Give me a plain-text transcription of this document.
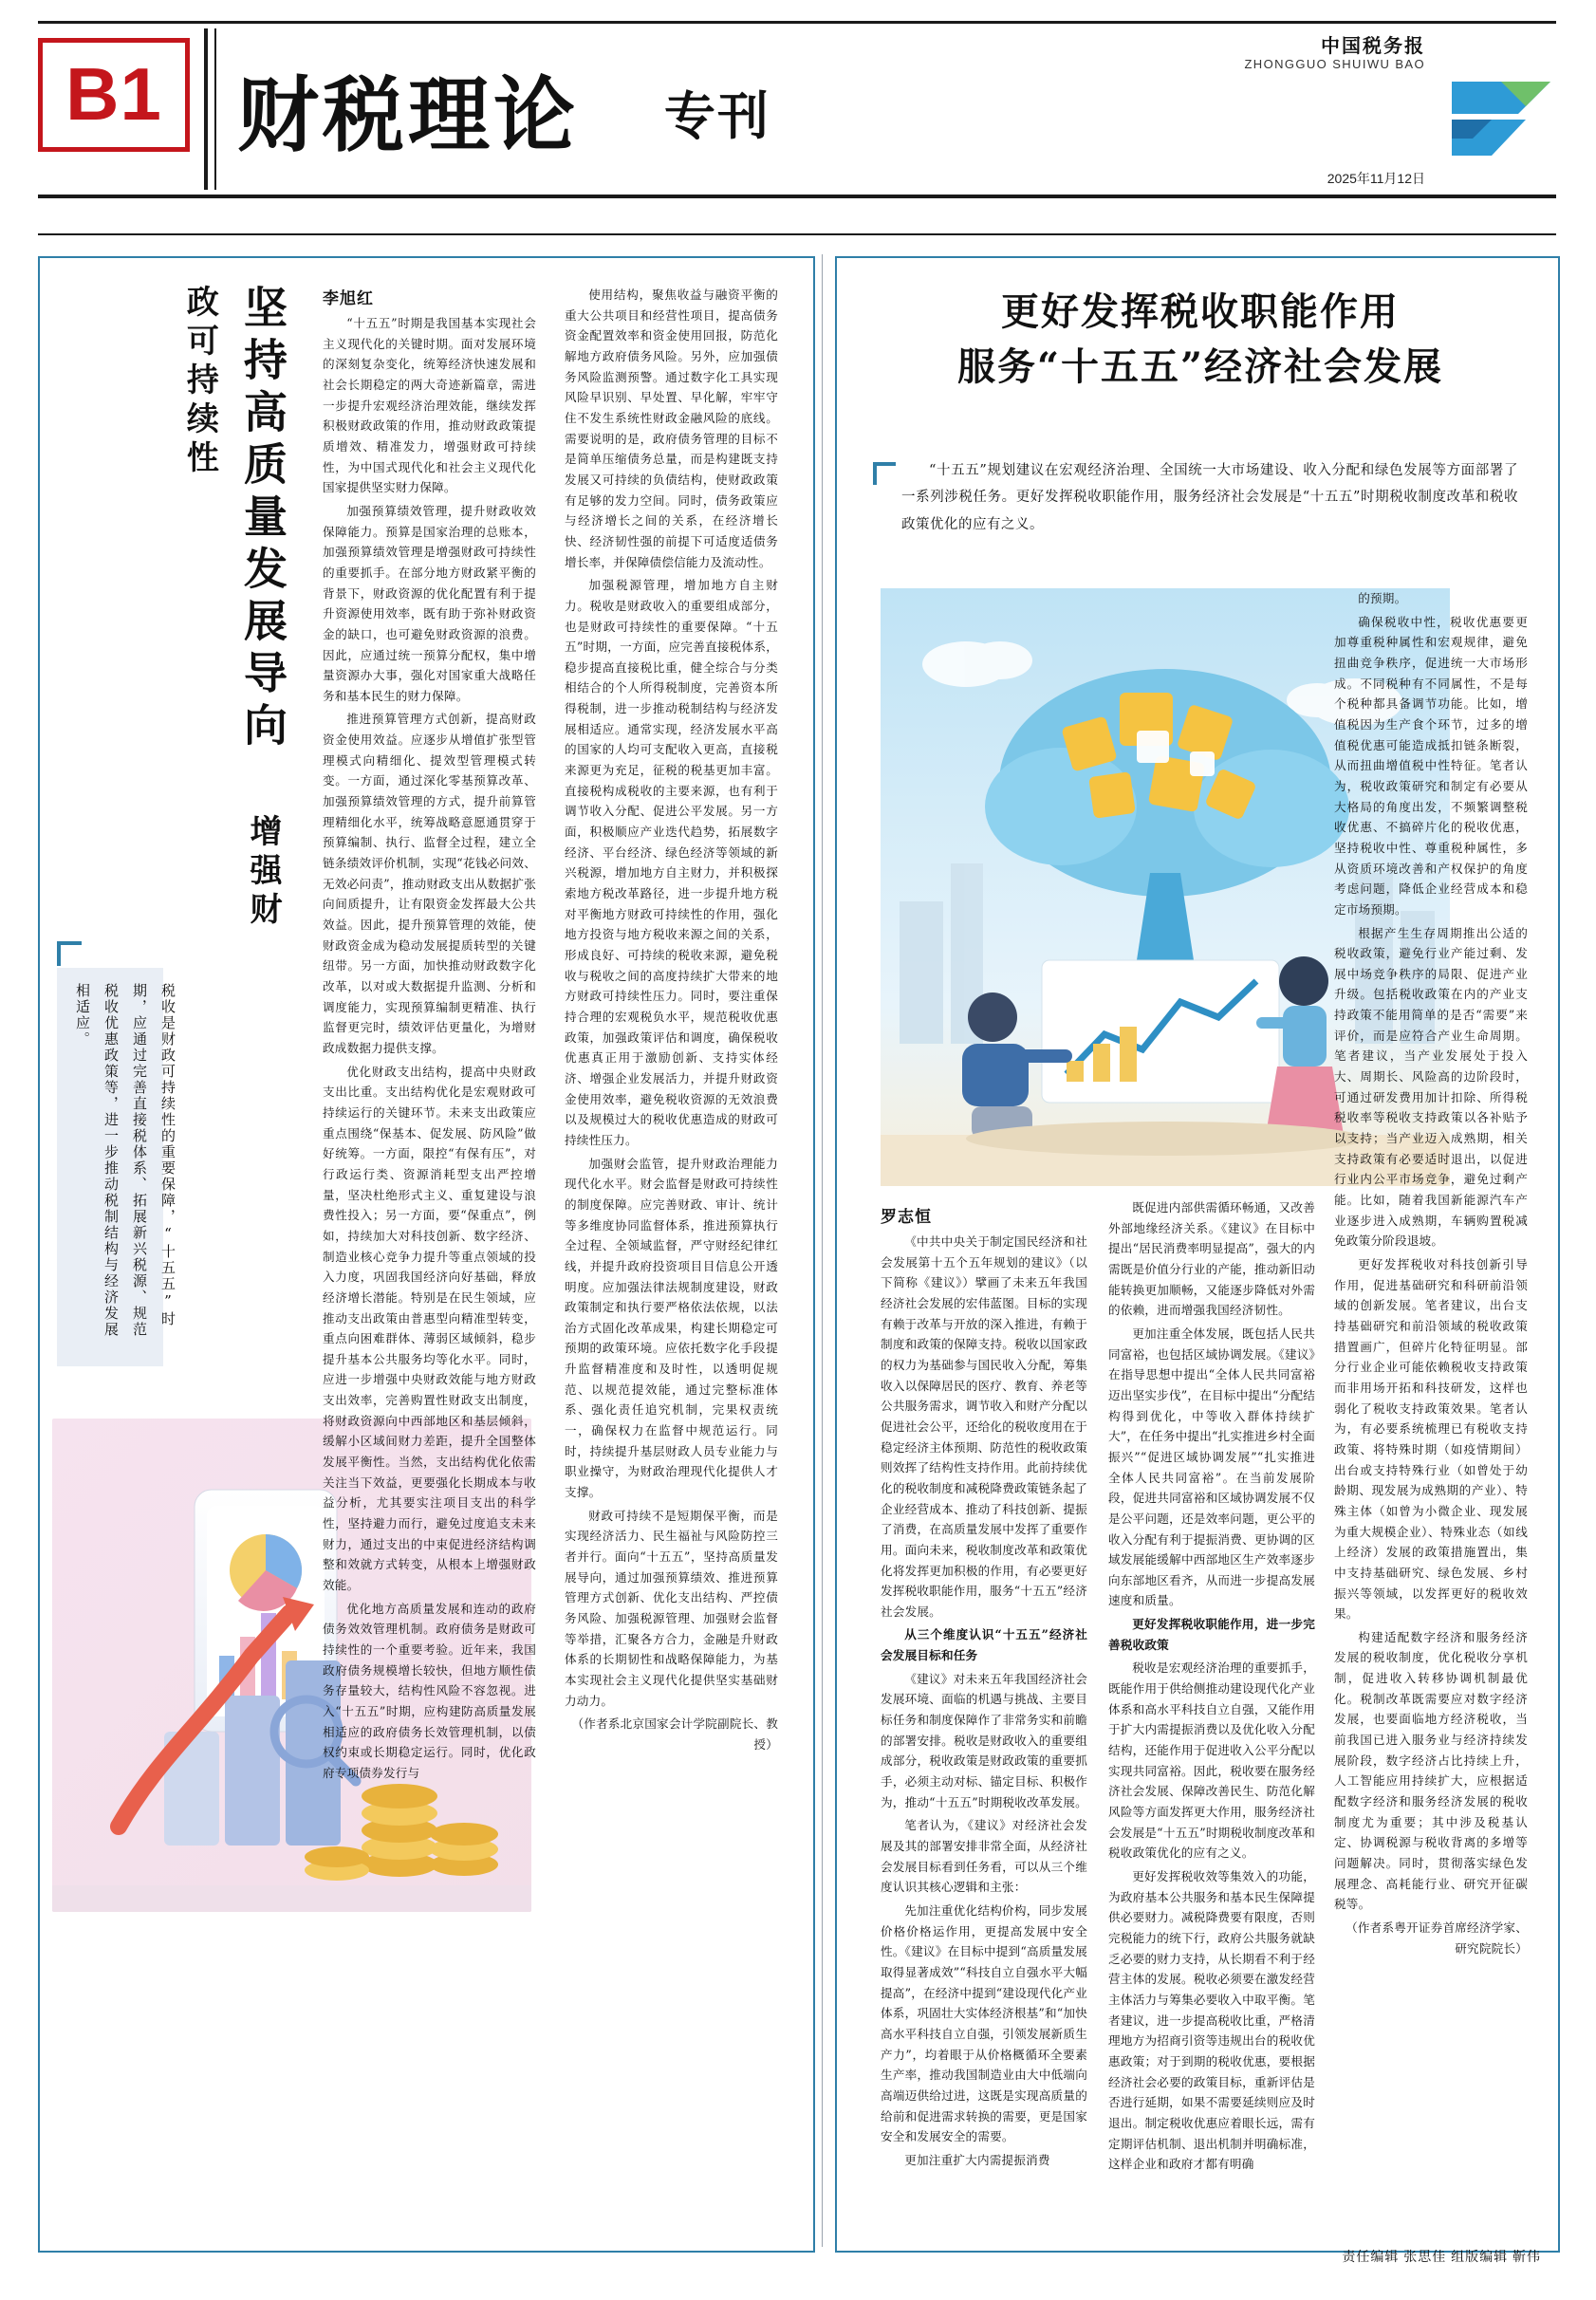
B1 财税理论 专刊
中国税务报
ZHONGGUO SHUIWU BAO
2025年11月12日
坚持高质量发展导向 增强财政可持续性
税收是财政可持续性的重要保障，“十五五”时期，应通过完善直接税体系、拓展新兴税源、规范税收优惠政策等，进一步推动税制结构与经济发展相适应。
李旭红

“十五五”时期是我国基本实现社会主义现代化的关键时期。面对发展环境的深刻复杂变化，统筹经济快速发展和社会长期稳定的两大奇迹新篇章，需进一步提升宏观经济治理效能，继续发挥积极财政政策的作用，推动财政政策提质增效、精准发力，增强财政可持续性，为中国式现代化和社会主义现代化国家提供坚实财力保障。

加强预算绩效管理，提升财政收效保障能力。预算是国家治理的总账本，加强预算绩效管理是增强财政可持续性的重要抓手。在部分地方财政紧平衡的背景下，财政资源的优化配置有利于提升资源使用效率，既有助于弥补财政资金的缺口，也可避免财政资源的浪费。因此，应通过统一预算分配权，集中增量资源办大事，强化对国家重大战略任务和基本民生的财力保障。

推进预算管理方式创新，提高财政资金使用效益。应逐步从增值扩张型管理模式向精细化、提效型管理模式转变。一方面，通过深化零基预算改革、加强预算绩效管理的方式，提升前算管理精细化水平，统筹战略意愿通贯穿于预算编制、执行、监督全过程，建立全链条绩效评价机制，实现“花钱必问效、无效必问责”，推动财政支出从数据扩张向间质提升，让有限资金发挥最大公共效益。因此，提升预算管理的效能，使财政资金成为稳动发展提质转型的关键纽带。另一方面，加快推动财政数字化改革，以对或大数据提升监测、分析和调度能力，实现预算编制更精准、执行监督更完时，绩效评估更量化，为增财政成数据力提供支撑。

优化财政支出结构，提高中央财政支出比重。支出结构优化是宏观财政可持续运行的关键环节。未来支出政策应重点围绕“保基本、促发展、防风险”做好统筹。一方面，限控“有保有压”，对行政运行类、资源消耗型支出严控增量，坚决杜绝形式主义、重复建设与浪费性投入；另一方面，要“保重点”，例如，持续加大对科技创新、数字经济、制造业核心竞争力提升等重点领域的投入力度，巩固我国经济向好基础，释放经济增长潜能。特别是在民生领域，应推动支出政策由普惠型向精准型转变，重点向困难群体、薄弱区域倾斜，稳步提升基本公共服务均等化水平。同时，应进一步增强中央财政效能与地方财政支出效率，完善购置性财政支出制度，将财政资源向中西部地区和基层倾斜，缓解小区域间财力差距，提升全国整体发展平衡性。当然，支出结构优化依需关注当下效益，更要强化长期成本与收益分析，尤其要实注项目支出的科学性，坚持避力而行，避免过度追支未来财力，通过支出的中束促进经济结构调整和效就方式转变，从根本上增强财政效能。

优化地方高质量发展和连动的政府债务效效管理机制。政府债务是财政可持续性的一个重要考验。近年来，我国政府债务规模增长较快，但地方顺性债务存量较大，结构性风险不容忽视。进入“十五五”时期，应构建防高质量发展相适应的政府债务长效管理机制，以债权约束或长期稳定运行。同时，优化政府专项债券发行与

使用结构，聚焦收益与融资平衡的重大公共项目和经营性项目，提高债务资金配置效率和资金使用回报，防范化解地方政府债务风险。另外，应加强债务风险监测预警。通过数字化工具实现风险早识别、早处置、早化解，牢牢守住不发生系统性财政金融风险的底线。需要说明的是，政府债务管理的目标不是简单压缩债务总量，而是构建既支持发展又可持续的负债结构，使财政政策有足够的发力空间。同时，债务政策应与经济增长之间的关系，在经济增长快、经济韧性强的前提下可适度适债务增长率，并保障债偿信能力及流动性。

加强税源管理，增加地方自主财力。税收是财政收入的重要组成部分，也是财政可持续性的重要保障。“十五五”时期，一方面，应完善直接税体系，稳步提高直接税比重，健全综合与分类相结合的个人所得税制度，完善资本所得税制，进一步推动税制结构与经济发展相适应。通常实现，经济发展水平高的国家的人均可支配收入更高，直接税来源更为充足，征税的税基更加丰富。直接税构成税收的主要来源，也有利于调节收入分配、促进公平发展。另一方面，积极顺应产业迭代趋势，拓展数字经济、平台经济、绿色经济等领域的新兴税源，增加地方自主财力，并积极探索地方税改革路径，进一步提升地方税对平衡地方财政可持续性的作用，强化地方投资与地方税收来源之间的关系，形成良好、可持续的税收来源，避免税收与税收之间的高度持续扩大带来的地方财政可持续性压力。同时，要注重保持合理的宏观税负水平，规范税收优惠政策，加强政策评估和调度，确保税收优惠真正用于激励创新、支持实体经济、增强企业发展活力，并提升财政资金使用效率，避免税收资源的无效浪费以及规模过大的税收优惠造成的财政可持续性压力。

加强财会监管，提升财政治理能力现代化水平。财会监督是财政可持续性的制度保障。应完善财政、审计、统计等多维度协同监督体系，推进预算执行全过程、全领域监督，严守财经纪律红线，并提升政府投资项目目信息公开透明度。应加强法律法规制度建设，财政政策制定和执行要严格依法依规，以法治方式固化改革成果，构建长期稳定可预期的政策环境。应依托数字化手段提升监督精准度和及时性，以透明促规范、以规范提效能，通过完整标准体系、强化责任追究机制，完果权责统一，确保权力在监督中规范运行。同时，持续提升基层财政人员专业能力与职业操守，为财政治理现代化提供人才支撑。

财政可持续不是短期保平衡，而是实现经济活力、民生福祉与风险防控三者并行。面向“十五五”，坚持高质量发展导向，通过加强预算绩效、推进预算管理方式创新、优化支出结构、严控债务风险、加强税源管理、加强财会监督等举措，汇聚各方合力，金融是升财政体系的长期韧性和战略保障能力，为基本实现社会主义现代化提供坚实基础财力动力。

（作者系北京国家会计学院副院长、教授）

更好发挥税收职能作用
服务“十五五”经济社会发展
“十五五”规划建议在宏观经济治理、全国统一大市场建设、收入分配和绿色发展等方面部署了一系列涉税任务。更好发挥税收职能作用，服务经济社会发展是“十五五”时期税收制度改革和税收政策优化的应有之义。
罗志恒

《中共中央关于制定国民经济和社会发展第十五个五年规划的建议》（以下简称《建议》）擘画了未来五年我国经济社会发展的宏伟蓝图。目标的实现有赖于改革与开放的深入推进，有赖于制度和政策的保障支持。税收以国家政的权力为基础参与国民收入分配，筹集收入以保障居民的医疗、教育、养老等公共服务需求，调节收入和财产分配以促进社会公平，还给化的税收度用在于稳定经济主体预期、防范性的税收政策则效挥了结构性支持作用。此前持续优化的税收制度和减税降费政策链条起了企业经营成本、推动了科技创新、提振了消费，在高质量发展中发挥了重要作用。面向未来，税收制度改革和政策优化将发挥更加积极的作用，有必要更好发挥税收职能作用，服务“十五五”经济社会发展。

从三个维度认识“十五五”经济社会发展目标和任务

《建议》对未来五年我国经济社会发展环境、面临的机遇与挑战、主要目标任务和制度保障作了非常务实和前瞻的部署安排。税收是财政收入的重要组成部分，税收政策是财政政策的重要抓手，必须主动对标、锚定目标、积极作为，推动“十五五”时期税收改革发展。

笔者认为，《建议》对经济社会发展及其的部署安排非常全面，从经济社会发展目标看到任务看，可以从三个维度认识其核心逻辑和主张：

先加注重优化结构价构，同步发展价格价格运作用，更提高发展中安全性。《建议》在目标中提到“高质量发展取得显著成效”“科技自立自强水平大幅提高”，在经济中提到“建设现代化产业体系，巩固壮大实体经济根基”和“加快高水平科技自立自强，引领发展新质生产力”，均着眼于从价格概循环全要素生产率，推动我国制造业由大中低端向高端迈供给过进，这既是实现高质量的给前和促进需求转换的需要，更是国家安全和发展安全的需要。

更加注重扩大内需提振消费

既促进内部供需循环畅通，又改善外部地缘经济关系。《建议》在目标中提出“居民消费率明显提高”，强大的内需既是价值分行业的产能，推动新旧动能转换更加顺畅，又能逐步降低对外需的依赖，进而增强我国经济韧性。

更加注重全体发展，既包括人民共同富裕，也包括区域协调发展。《建议》在指导思想中提出“全体人民共同富裕迈出坚实步伐”，在目标中提出“分配结构得到优化，中等收入群体持续扩大”，在任务中提出“扎实推进乡村全面振兴”“促进区域协调发展”“扎实推进全体人民共同富裕”。在当前发展阶段，促进共同富裕和区域协调发展不仅是公平问题，还是效率问题，更公平的收入分配有利于提振消费、更协调的区域发展能缓解中西部地区生产效率逐步向东部地区看齐，从而进一步提高发展速度和质量。

更好发挥税收职能作用，进一步完善税收政策

税收是宏观经济治理的重要抓手，既能作用于供给侧推动建设现代化产业体系和高水平科技自立自强，又能作用于扩大内需提振消费以及优化收入分配结构，还能作用于促进收入公平分配以实现共同富裕。因此，税收要在服务经济社会发展、保障改善民生、防范化解风险等方面发挥更大作用，服务经济社会发展是“十五五”时期税收制度改革和税收政策优化的应有之义。

更好发挥税收效等集效入的功能，为政府基本公共服务和基本民生保障提供必要财力。减税降费要有限度，否则完税能力的统下行，政府公共服务就缺乏必要的财力支持，从长期看不利于经营主体的发展。税收必须要在激发经营主体活力与筹集必要收入中取平衡。笔者建议，进一步提高税收比重，严格清理地方为招商引资等违规出台的税收优惠政策；对于到期的税收优惠，要根据经济社会必要的政策目标，重新评估是否进行延期，如果不需要延续则应及时退出。制定税收优惠应着眼长远，需有定期评估机制、退出机制并明确标准，这样企业和政府才都有明确

的预期。

确保税收中性，税收优惠要更加尊重税种属性和宏观规律，避免扭曲竞争秩序，促进统一大市场形成。不同税种有不同属性，不是每个税种都具备调节功能。比如，增值税因为生产食个环节，过多的增值税优惠可能造成抵扣链条断裂，从而扭曲增值税中性特征。笔者认为，税收政策研究和制定有必要从大格局的角度出发，不频繁调整税收优惠、不搞碎片化的税收优惠，坚持税收中性、尊重税种属性，多从资质环境改善和产权保护的角度考虑问题，降低企业经营成本和稳定市场预期。

根据产生生存周期推出公适的税收政策，避免行业产能过剩、发展中场竞争秩序的局限、促进产业升级。包括税收政策在内的产业支持政策不能用简单的是否“需要”来评价，而是应符合产业生命周期。笔者建议，当产业发展处于投入大、周期长、风险高的边阶段时，可通过研发费用加计扣除、所得税税收率等税收支持政策以各补贴予以支持；当产业迈入成熟期，相关支持政策有必要适时退出，以促进行业内公平市场竞争，避免过剩产能。比如，随着我国新能源汽车产业逐步进入成熟期，车辆购置税减免政策分阶段退坡。

更好发挥税收对科技创新引导作用，促进基础研究和科研前沿领域的创新发展。笔者建议，出台支持基础研究和前沿领域的税收政策措置画广，但碎片化特征明显。部分行业企业可能依赖税收支持政策而非用场开拓和科技研发，这样也弱化了税收支持政策效果。笔者认为，有必要系统梳理已有税收支持政策、将特殊时期（如疫情期间）出台或支持特殊行业（如曾处于幼龄期、现发展为成熟期的产业）、特殊主体（如曾为小微企业、现发展为重大规模企业）、特殊业态（如线上经济）发展的政策措施置出，集中支持基础研究、绿色发展、乡村振兴等领域，以发挥更好的税收效果。

构建适配数字经济和服务经济发展的税收制度，优化税收分享机制，促进收入转移协调机制最优化。税制改革既需要应对数字经济发展，也要面临地方经济税收，当前我国已进入服务业与经济持续发展阶段，数字经济占比持续上升，人工智能应用持续扩大，应根据适配数字经济和服务经济发展的税收制度尤为重要；其中涉及税基认定、协调税源与税收背离的多增等问题解决。同时，贯彻落实绿色发展理念、高耗能行业、研究开征碳税等。

（作者系粤开证券首席经济学家、研究院院长）

责任编辑 张思佳 组版编辑 靳伟
